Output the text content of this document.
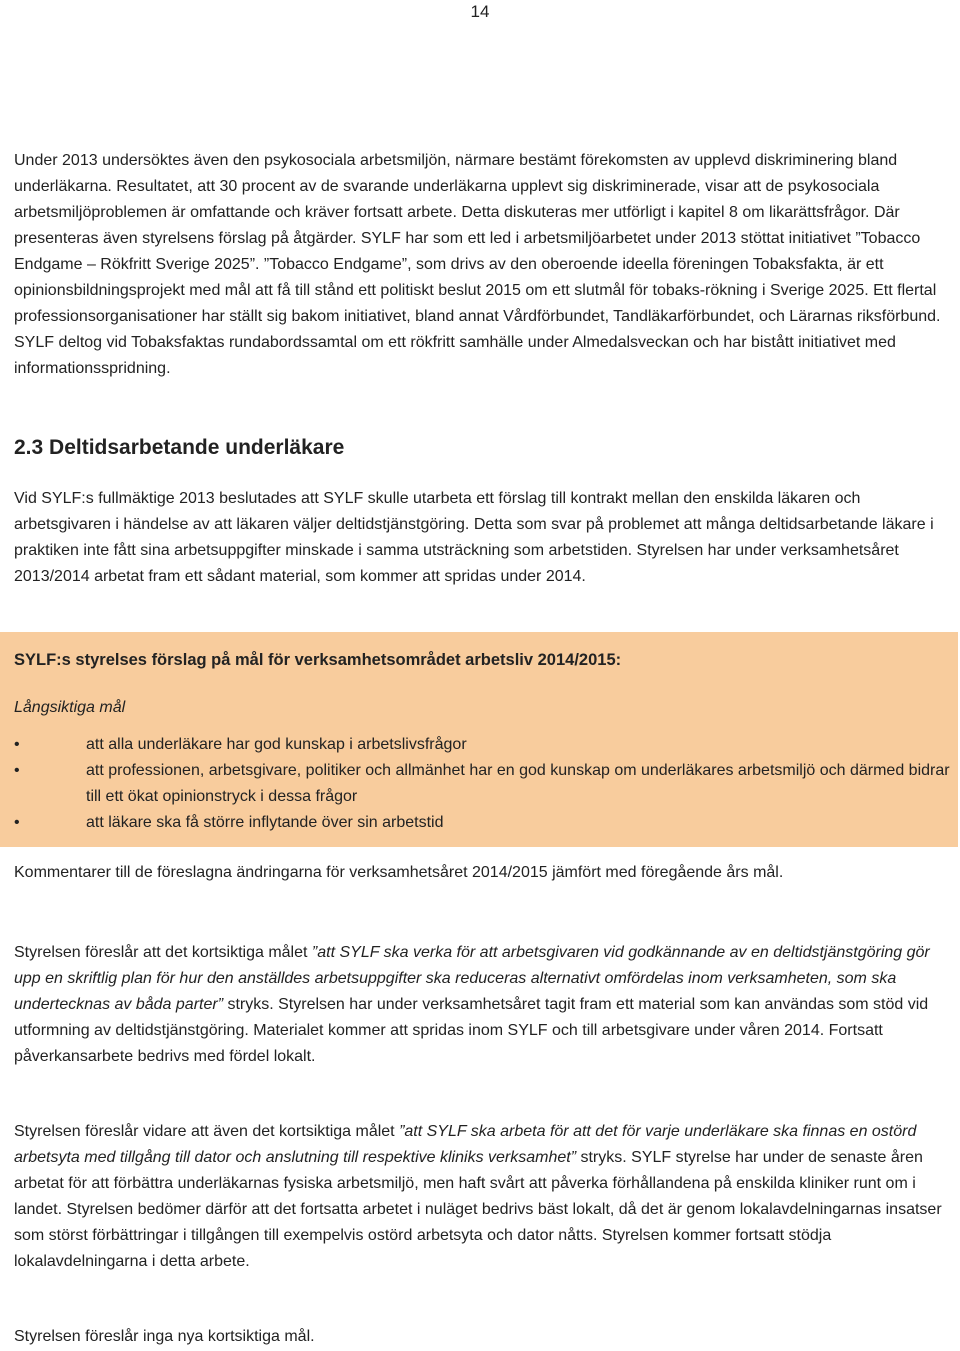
14

Under 2013 undersöktes även den psykosociala arbetsmiljön, närmare bestämt förekomsten av upplevd diskriminering bland underläkarna. Resultatet, att 30 procent av de svarande underläkarna upplevt sig diskriminerade, visar att de psykosociala arbetsmiljöproblemen är omfattande och kräver fortsatt arbete. Detta diskuteras mer utförligt i kapitel 8 om likarättsfrågor. Där presenteras även styrelsens förslag på åtgärder. SYLF har som ett led i arbetsmiljöarbetet under 2013 stöttat initiativet ”Tobacco Endgame – Rökfritt Sverige 2025”. ”Tobacco Endgame”, som drivs av den oberoende ideella föreningen Tobaksfakta, är ett opinionsbildningsprojekt med mål att få till stånd ett politiskt beslut 2015 om ett slutmål för tobaks-rökning i Sverige 2025. Ett flertal professionsorganisationer har ställt sig bakom initiativet, bland annat Vårdförbundet, Tandläkarförbundet, och Lärarnas riksförbund. SYLF deltog vid Tobaksfaktas rundabordssamtal om ett rökfritt samhälle under Almedalsveckan och har bistått initiativet med informationsspridning.

2.3 Deltidsarbetande underläkare

Vid SYLF:s fullmäktige 2013 beslutades att SYLF skulle utarbeta ett förslag till kontrakt mellan den enskilda läkaren och arbetsgivaren i händelse av att läkaren väljer deltidstjänstgöring. Detta som svar på problemet att många deltidsarbetande läkare i praktiken inte fått sina arbetsuppgifter minskade i samma utsträckning som arbetstiden. Styrelsen har under verksamhetsåret 2013/2014 arbetat fram ett sådant material, som kommer att spridas under 2014.

SYLF:s styrelses förslag på mål för verksamhetsområdet arbetsliv 2014/2015:

Långsiktiga mål

•	att alla underläkare har god kunskap i arbetslivsfrågor
•	att professionen, arbetsgivare, politiker och allmänhet har en god kunskap om underläkares arbetsmiljö och därmed bidrar till ett ökat opinionstryck i dessa frågor
•	att läkare ska få större inflytande över sin arbetstid

Kommentarer till de föreslagna ändringarna för verksamhetsåret 2014/2015 jämfört med föregående års mål.

Styrelsen föreslår att det kortsiktiga målet ”att SYLF ska verka för att arbetsgivaren vid godkännande av en deltidstjänstgöring gör upp en skriftlig plan för hur den anställdes arbetsuppgifter ska reduceras alternativt omfördelas inom verksamheten, som ska undertecknas av båda parter” stryks. Styrelsen har under verksamhetsåret tagit fram ett material som kan användas som stöd vid utformning av deltidstjänstgöring. Materialet kommer att spridas inom SYLF och till arbetsgivare under våren 2014. Fortsatt påverkansarbete bedrivs med fördel lokalt.

Styrelsen föreslår vidare att även det kortsiktiga målet ”att SYLF ska arbeta för att det för varje underläkare ska finnas en ostörd arbetsyta med tillgång till dator och anslutning till respektive kliniks verksamhet” stryks. SYLF styrelse har under de senaste åren arbetat för att förbättra underläkarnas fysiska arbetsmiljö, men haft svårt att påverka förhållandena på enskilda kliniker runt om i landet. Styrelsen bedömer därför att det fortsatta arbetet i nuläget bedrivs bäst lokalt, då det är genom lokalavdelningarnas insatser som störst förbättringar i tillgången till exempelvis ostörd arbetsyta och dator nåtts. Styrelsen kommer fortsatt stödja lokalavdelningarna i detta arbete.

Styrelsen föreslår inga nya kortsiktiga mål.
